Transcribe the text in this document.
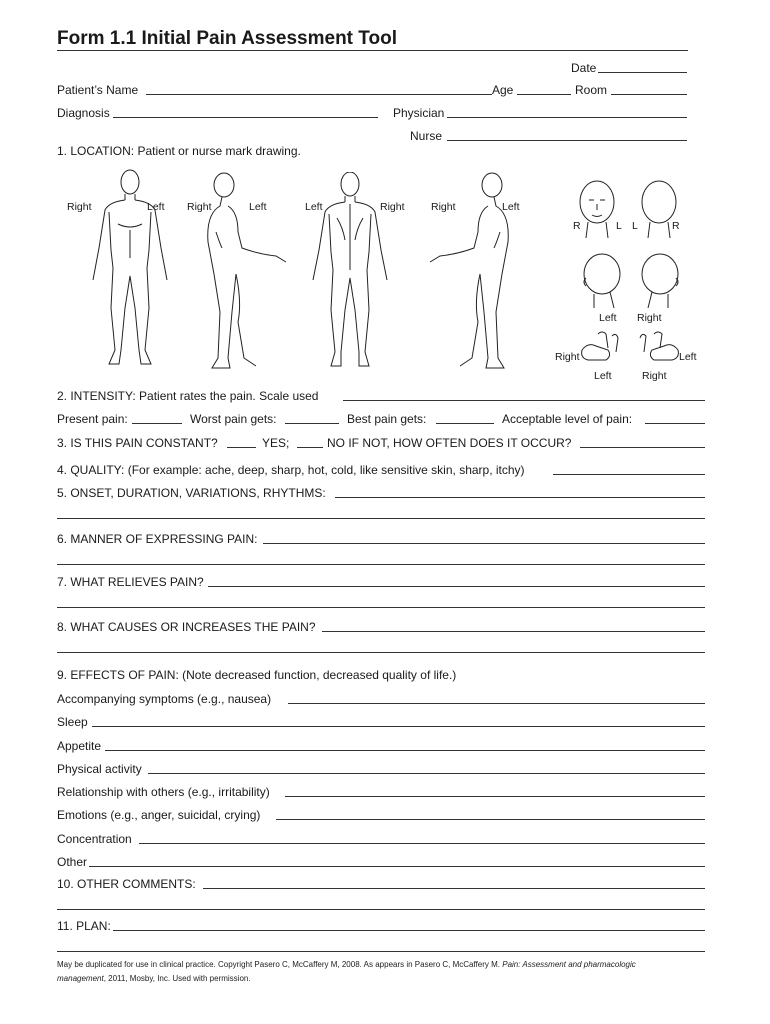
Form 1.1 Initial Pain Assessment Tool
Date
Patient’s Name	Age	Room
Diagnosis	Physician
Nurse
1. LOCATION: Patient or nurse mark drawing.
Right	Left Right	Left	Left	Right	Right	Left
R	L L	R
Left Right
Right	Left
Left	Right
2. INTENSITY: Patient rates the pain. Scale used
Present pain:	Worst pain gets:	Best pain gets:	Acceptable level of pain:
3. IS THIS PAIN CONSTANT?	YES;	NO IF NOT, HOW OFTEN DOES IT OCCUR?
4. QUALITY: (For example: ache, deep, sharp, hot, cold, like sensitive skin, sharp, itchy)
5. ONSET, DURATION, VARIATIONS, RHYTHMS:
6. MANNER OF EXPRESSING PAIN:
7. WHAT RELIEVES PAIN?
8. WHAT CAUSES OR INCREASES THE PAIN?
9. EFFECTS OF PAIN: (Note decreased function, decreased quality of life.)
Accompanying symptoms (e.g., nausea)
Sleep
Appetite
Physical activity
Relationship with others (e.g., irritability)
Emotions (e.g., anger, suicidal, crying)
Concentration
Other
10. OTHER COMMENTS:
11. PLAN:
May be duplicated for use in clinical practice. Copyright Pasero C, McCaffery M, 2008. As appears in Pasero C, McCaffery M. Pain: Assessment and pharmacologic
management, 2011, Mosby, Inc. Used with permission.
